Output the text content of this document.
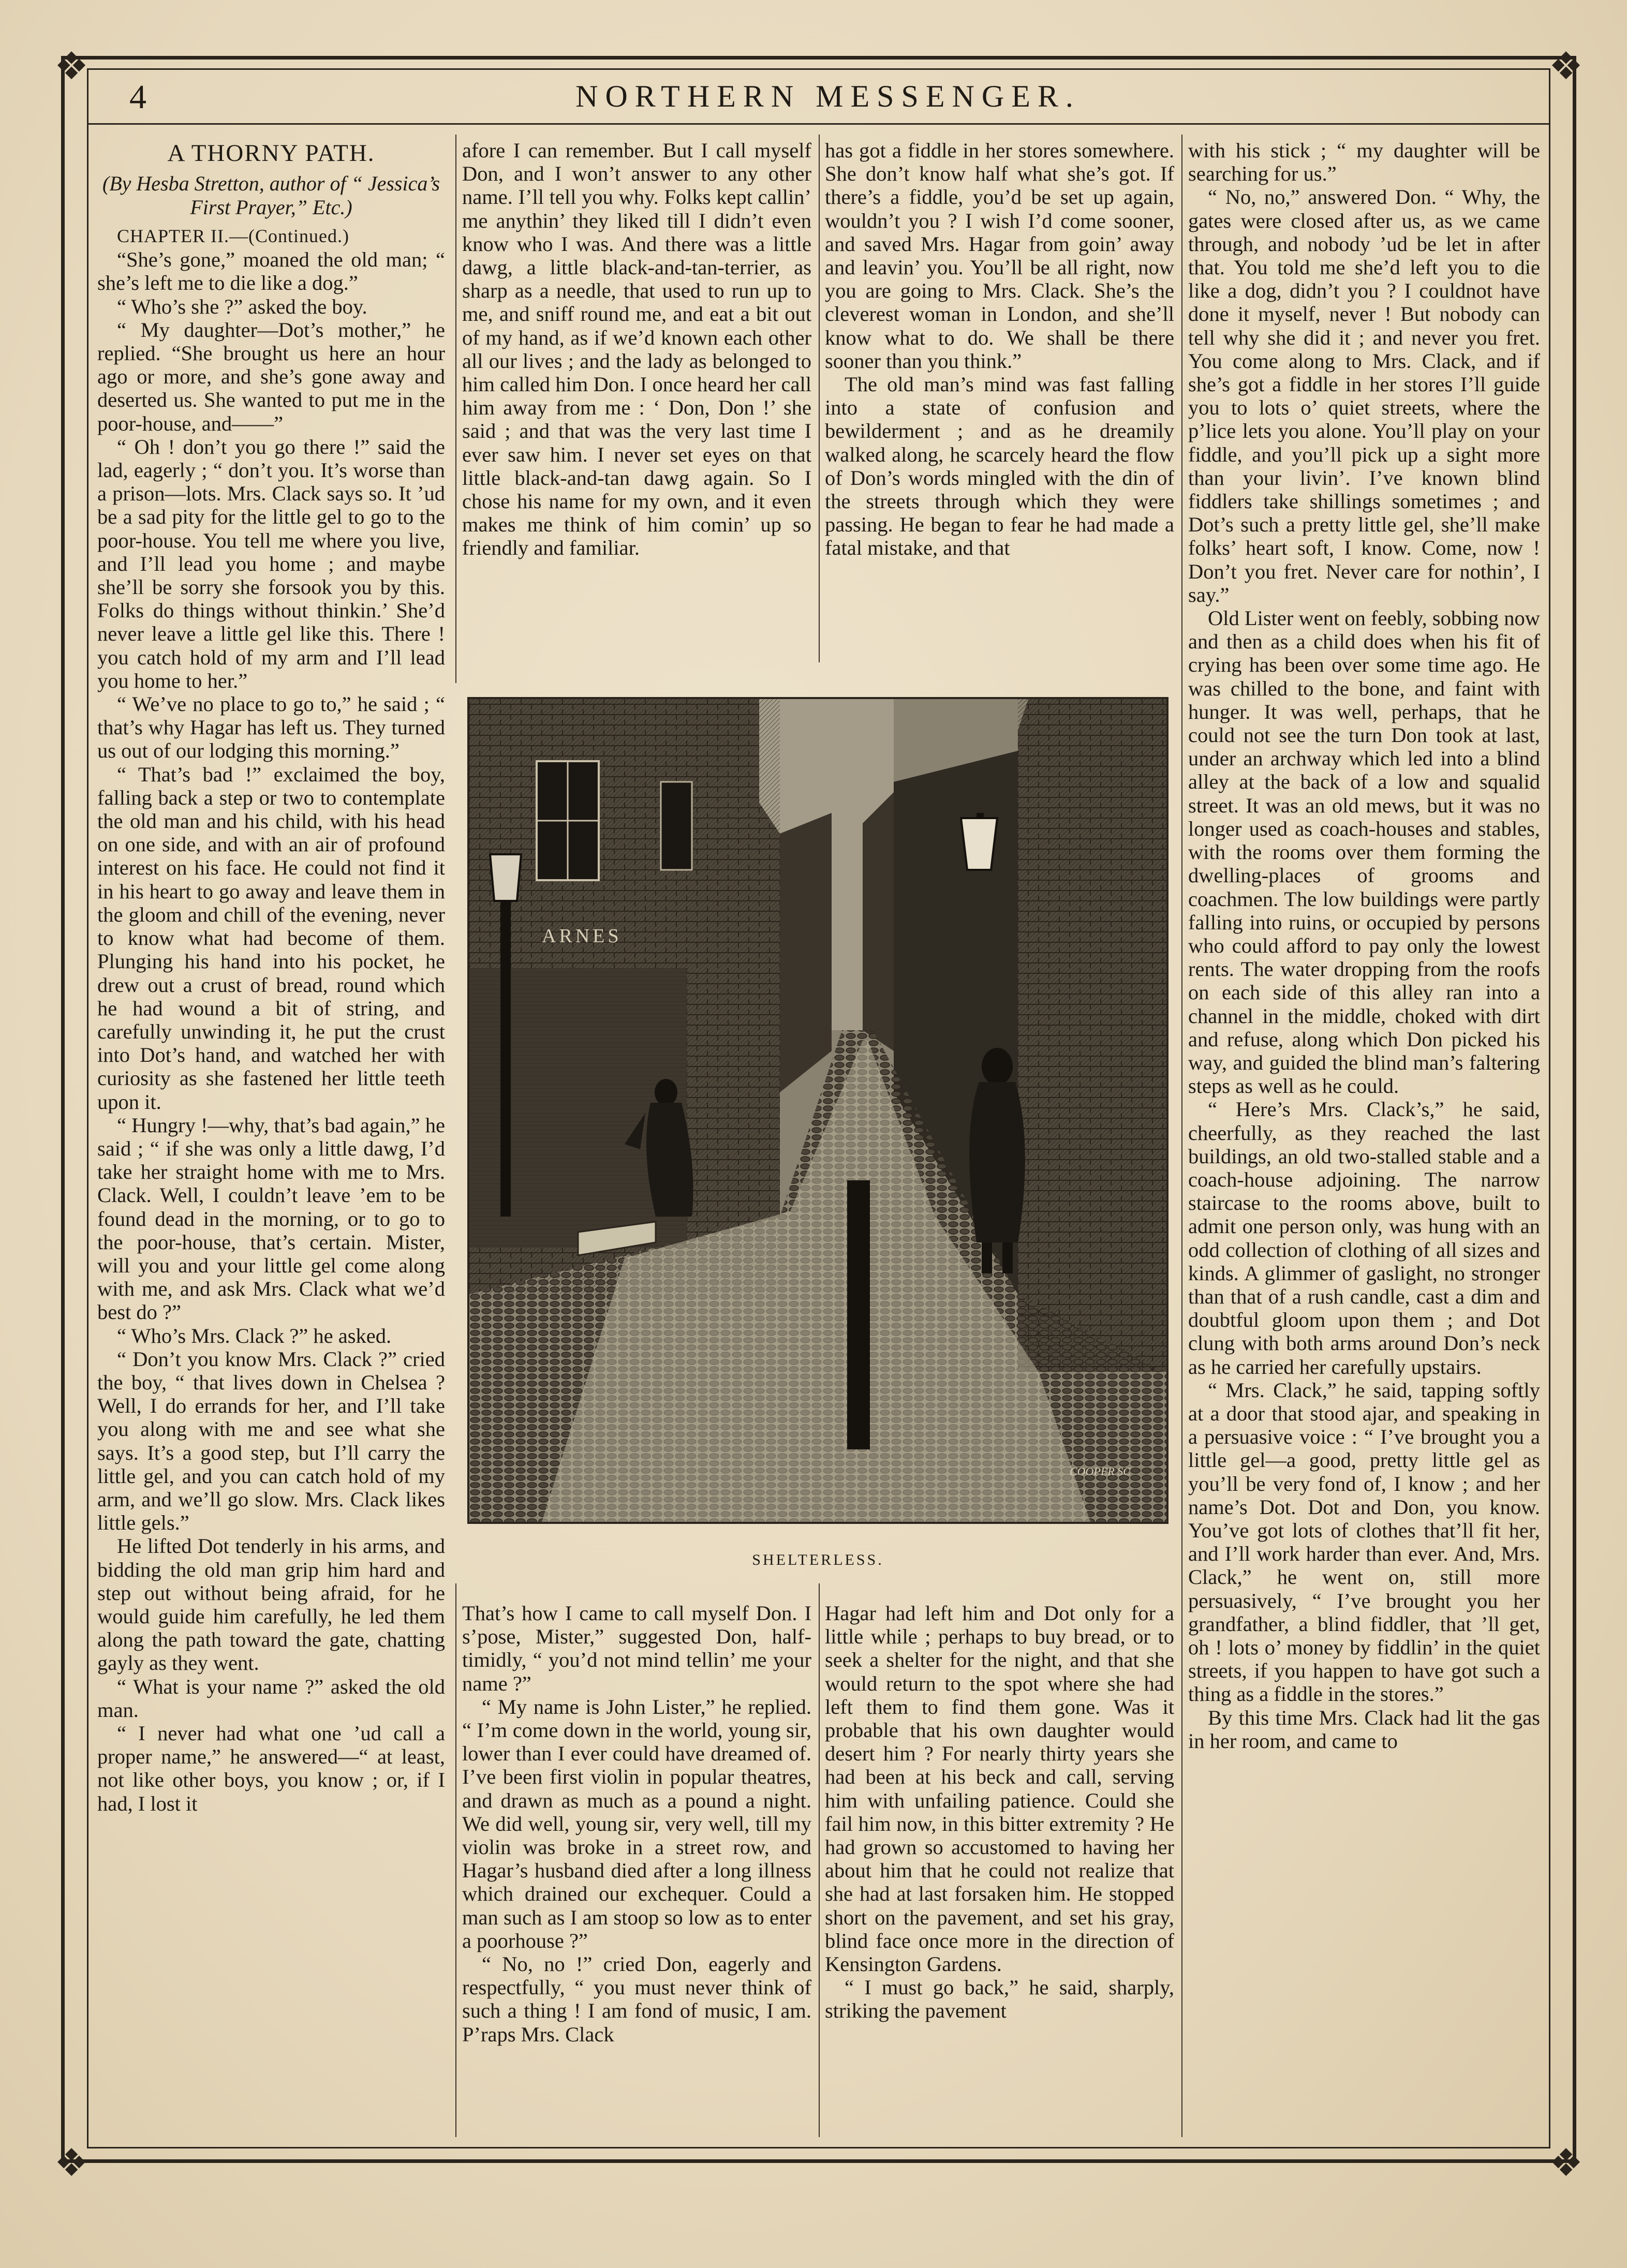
❖	❖
❖	❖
4	NORTHERN MESSENGER.
A THORNY PATH.
(By Hesba Stretton, author of “ Jessica’s First Prayer,” Etc.)

CHAPTER II.—(Continued.)

“She’s gone,” moaned the old man; “ she’s left me to die like a dog.”

“ Who’s she ?” asked the boy.

“ My daughter—Dot’s mother,” he replied. “She brought us here an hour ago or more, and she’s gone away and deserted us. She wanted to put me in the poor-house, and——”

“ Oh ! don’t you go there !” said the lad, eagerly ; “ don’t you. It’s worse than a prison—lots. Mrs. Clack says so. It ’ud be a sad pity for the little gel to go to the poor-house. You tell me where you live, and I’ll lead you home ; and maybe she’ll be sorry she forsook you by this. Folks do things without thinkin.’ She’d never leave a little gel like this. There ! you catch hold of my arm and I’ll lead you home to her.”

“ We’ve no place to go to,” he said ; “ that’s why Hagar has left us. They turned us out of our lodging this morning.”

“ That’s bad !” exclaimed the boy, falling back a step or two to contemplate the old man and his child, with his head on one side, and with an air of profound interest on his face. He could not find it in his heart to go away and leave them in the gloom and chill of the evening, never to know what had become of them. Plunging his hand into his pocket, he drew out a crust of bread, round which he had wound a bit of string, and carefully unwinding it, he put the crust into Dot’s hand, and watched her with curiosity as she fastened her little teeth upon it.

“ Hungry !—why, that’s bad again,” he said ; “ if she was only a little dawg, I’d take her straight home with me to Mrs. Clack. Well, I couldn’t leave ’em to be found dead in the morning, or to go to the poor-house, that’s certain. Mister, will you and your little gel come along with me, and ask Mrs. Clack what we’d best do ?”

“ Who’s Mrs. Clack ?” he asked.

“ Don’t you know Mrs. Clack ?” cried the boy, “ that lives down in Chelsea ? Well, I do errands for her, and I’ll take you along with me and see what she says. It’s a good step, but I’ll carry the little gel, and you can catch hold of my arm, and we’ll go slow. Mrs. Clack likes little gels.”

He lifted Dot tenderly in his arms, and bidding the old man grip him hard and step out without being afraid, for he would guide him carefully, he led them along the path toward the gate, chatting gayly as they went.

“ What is your name ?” asked the old man.

“ I never had what one ’ud call a proper name,” he answered—“ at least, not like other boys, you know ; or, if I had, I lost it

afore I can remember. But I call myself Don, and I won’t answer to any other name. I’ll tell you why. Folks kept callin’ me anythin’ they liked till I didn’t even know who I was. And there was a little dawg, a little black-and-tan-terrier, as sharp as a needle, that used to run up to me, and sniff round me, and eat a bit out of my hand, as if we’d known each other all our lives ; and the lady as belonged to him called him Don. I once heard her call him away from me : ‘ Don, Don !’ she said ; and that was the very last time I ever saw him. I never set eyes on that little black-and-tan dawg again. So I chose his name for my own, and it even makes me think of him comin’ up so friendly and familiar.

has got a fiddle in her stores somewhere. She don’t know half what she’s got. If there’s a fiddle, you’d be set up again, wouldn’t you ? I wish I’d come sooner, and saved Mrs. Hagar from goin’ away and leavin’ you. You’ll be all right, now you are going to Mrs. Clack. She’s the cleverest woman in London, and she’ll know what to do. We shall be there sooner than you think.”

The old man’s mind was fast falling into a state of confusion and bewilderment ; and as he dreamily walked along, he scarcely heard the flow of Don’s words mingled with the din of the streets through which they were passing. He began to fear he had made a fatal mistake, and that

ARNES
COOPER SC
SHELTERLESS.

That’s how I came to call myself Don. I s’pose, Mister,” suggested Don, half-timidly, “ you’d not mind tellin’ me your name ?”

“ My name is John Lister,” he replied. “ I’m come down in the world, young sir, lower than I ever could have dreamed of. I’ve been first violin in popular theatres, and drawn as much as a pound a night. We did well, young sir, very well, till my violin was broke in a street row, and Hagar’s husband died after a long illness which drained our exchequer. Could a man such as I am stoop so low as to enter a poorhouse ?”

“ No, no !” cried Don, eagerly and respectfully, “ you must never think of such a thing ! I am fond of music, I am. P’raps Mrs. Clack

Hagar had left him and Dot only for a little while ; perhaps to buy bread, or to seek a shelter for the night, and that she would return to the spot where she had left them to find them gone. Was it probable that his own daughter would desert him ? For nearly thirty years she had been at his beck and call, serving him with unfailing patience. Could she fail him now, in this bitter extremity ? He had grown so accustomed to having her about him that he could not realize that she had at last forsaken him. He stopped short on the pavement, and set his gray, blind face once more in the direction of Kensington Gardens.

“ I must go back,” he said, sharply, striking the pavement

with his stick ; “ my daughter will be searching for us.”

“ No, no,” answered Don. “ Why, the gates were closed after us, as we came through, and nobody ’ud be let in after that. You told me she’d left you to die like a dog, didn’t you ? I couldnot have done it myself, never ! But nobody can tell why she did it ; and never you fret. You come along to Mrs. Clack, and if she’s got a fiddle in her stores I’ll guide you to lots o’ quiet streets, where the p’lice lets you alone. You’ll play on your fiddle, and you’ll pick up a sight more than your livin’. I’ve known blind fiddlers take shillings sometimes ; and Dot’s such a pretty little gel, she’ll make folks’ heart soft, I know. Come, now ! Don’t you fret. Never care for nothin’, I say.”

Old Lister went on feebly, sobbing now and then as a child does when his fit of crying has been over some time ago. He was chilled to the bone, and faint with hunger. It was well, perhaps, that he could not see the turn Don took at last, under an archway which led into a blind alley at the back of a low and squalid street. It was an old mews, but it was no longer used as coach-houses and stables, with the rooms over them forming the dwelling-places of grooms and coachmen. The low buildings were partly falling into ruins, or occupied by persons who could afford to pay only the lowest rents. The water dropping from the roofs on each side of this alley ran into a channel in the middle, choked with dirt and refuse, along which Don picked his way, and guided the blind man’s faltering steps as well as he could.

“ Here’s Mrs. Clack’s,” he said, cheerfully, as they reached the last buildings, an old two-stalled stable and a coach-house adjoining. The narrow staircase to the rooms above, built to admit one person only, was hung with an odd collection of clothing of all sizes and kinds. A glimmer of gaslight, no stronger than that of a rush candle, cast a dim and doubtful gloom upon them ; and Dot clung with both arms around Don’s neck as he carried her carefully upstairs.

“ Mrs. Clack,” he said, tapping softly at a door that stood ajar, and speaking in a persuasive voice : “ I’ve brought you a little gel—a good, pretty little gel as you’ll be very fond of, I know ; and her name’s Dot. Dot and Don, you know. You’ve got lots of clothes that’ll fit her, and I’ll work harder than ever. And, Mrs. Clack,” he went on, still more persuasively, “ I’ve brought you her grandfather, a blind fiddler, that ’ll get, oh ! lots o’ money by fiddlin’ in the quiet streets, if you happen to have got such a thing as a fiddle in the stores.”

By this time Mrs. Clack had lit the gas in her room, and came to
